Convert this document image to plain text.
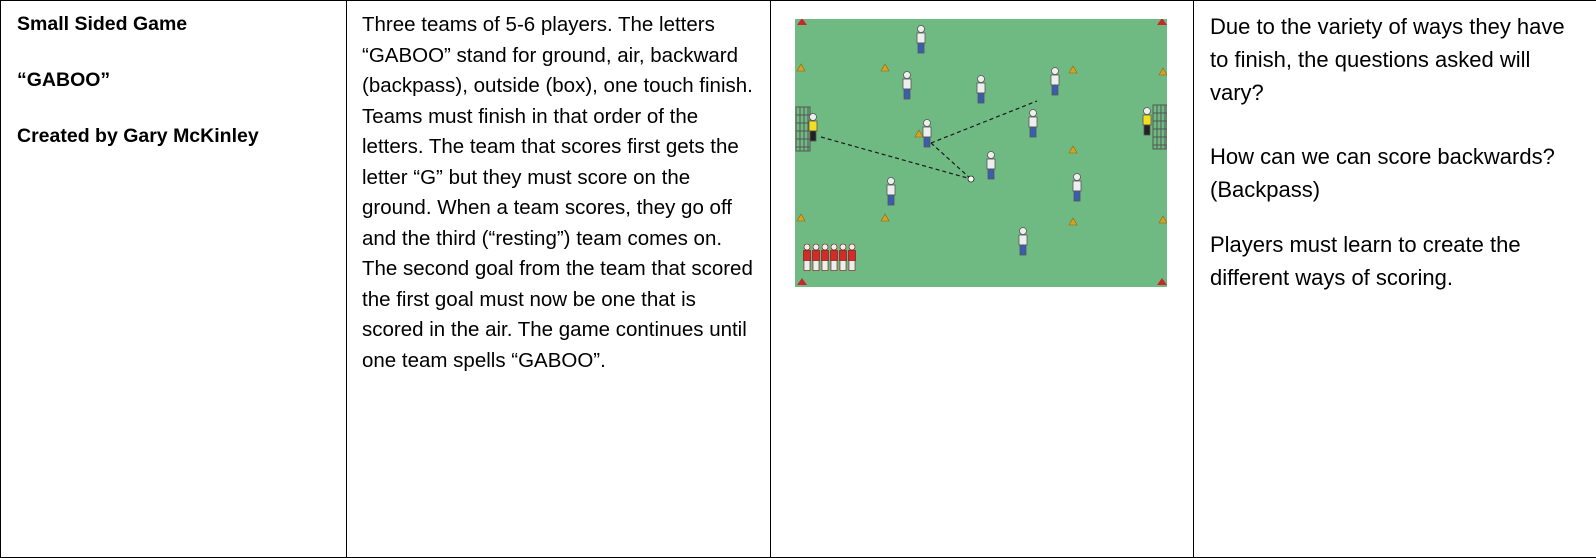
Small Sided Game

“GABOO”

Created by Gary McKinley

Three teams of 5-6 players. The letters “GABOO” stand for ground, air, backward (backpass), outside (box), one touch finish. Teams must finish in that order of the letters. The team that scores first gets the letter “G” but they must score on the ground. When a team scores, they go off and the third (“resting”) team comes on. The second goal from the team that scored the first goal must now be one that is scored in the air. The game continues until one team spells “GABOO”.

Due to the variety of ways they have to finish, the questions asked will vary?

How can we can score backwards? (Backpass)

Players must learn to create the different ways of scoring.
